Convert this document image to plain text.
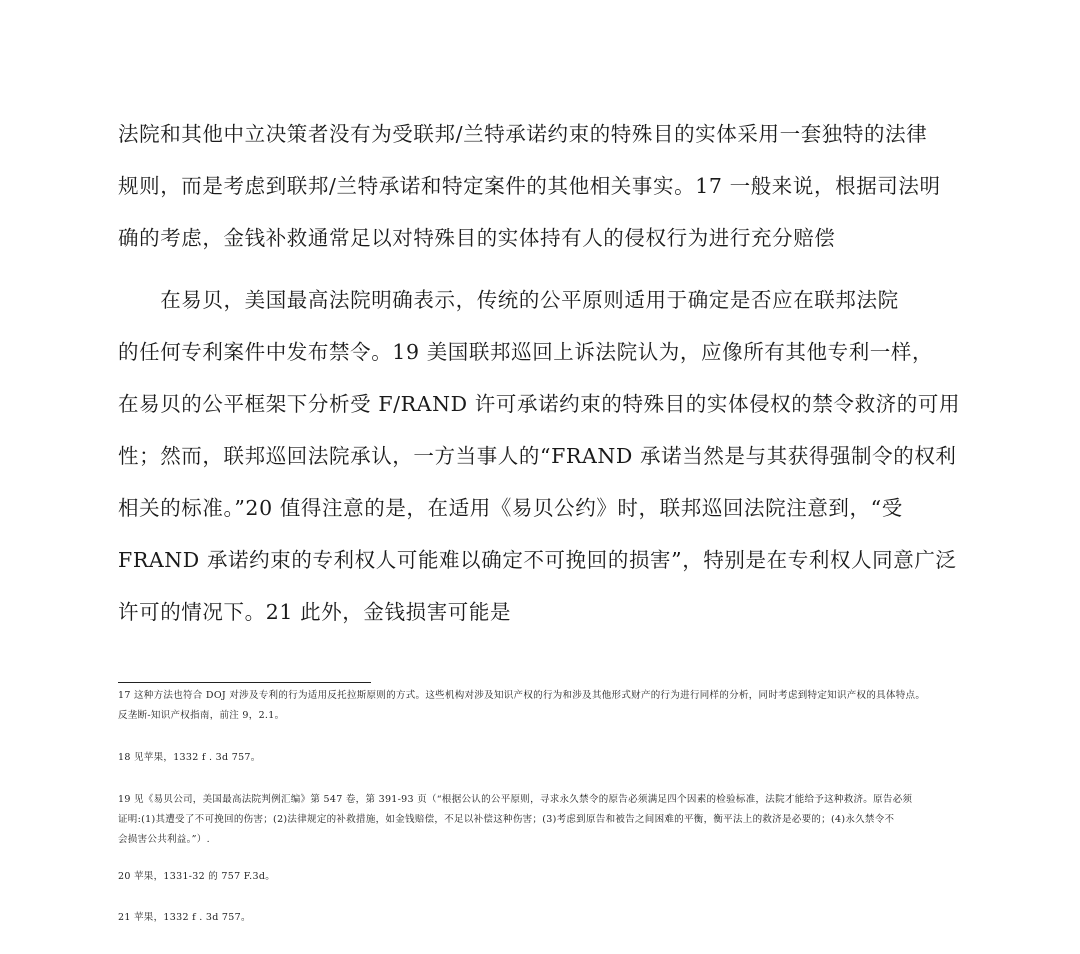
法院和其他中立决策者没有为受联邦/兰特承诺约束的特殊目的实体采用一套独特的法律
规则，而是考虑到联邦/兰特承诺和特定案件的其他相关事实。17 一般来说，根据司法明
确的考虑，金钱补救通常足以对特殊目的实体持有人的侵权行为进行充分赔偿

　　在易贝，美国最高法院明确表示，传统的公平原则适用于确定是否应在联邦法院
的任何专利案件中发布禁令。19 美国联邦巡回上诉法院认为，应像所有其他专利一样，
在易贝的公平框架下分析受 F/RAND 许可承诺约束的特殊目的实体侵权的禁令救济的可用
性；然而，联邦巡回法院承认，一方当事人的“FRAND 承诺当然是与其获得强制令的权利
相关的标准。”20 值得注意的是，在适用《易贝公约》时，联邦巡回法院注意到，“受
FRAND 承诺约束的专利权人可能难以确定不可挽回的损害”，特别是在专利权人同意广泛
许可的情况下。21 此外，金钱损害可能是

17 这种方法也符合 DOJ 对涉及专利的行为适用反托拉斯原则的方式。这些机构对涉及知识产权的行为和涉及其他形式财产的行为进行同样的分析，同时考虑到特定知识产权的具体特点。
反垄断-知识产权指南，前注 9，2.1。

18 见苹果，1332 f . 3d 757。

19 见《易贝公司，美国最高法院判例汇编》第 547 卷，第 391-93 页（“根据公认的公平原则，寻求永久禁令的原告必须满足四个因素的检验标准，法院才能给予这种救济。原告必须
证明:(1)其遭受了不可挽回的伤害；(2)法律规定的补救措施，如金钱赔偿，不足以补偿这种伤害；(3)考虑到原告和被告之间困难的平衡，衡平法上的救济是必要的；(4)永久禁令不
会损害公共利益。”）.

20 苹果，1331-32 的 757 F.3d。

21 苹果，1332 f . 3d 757。
